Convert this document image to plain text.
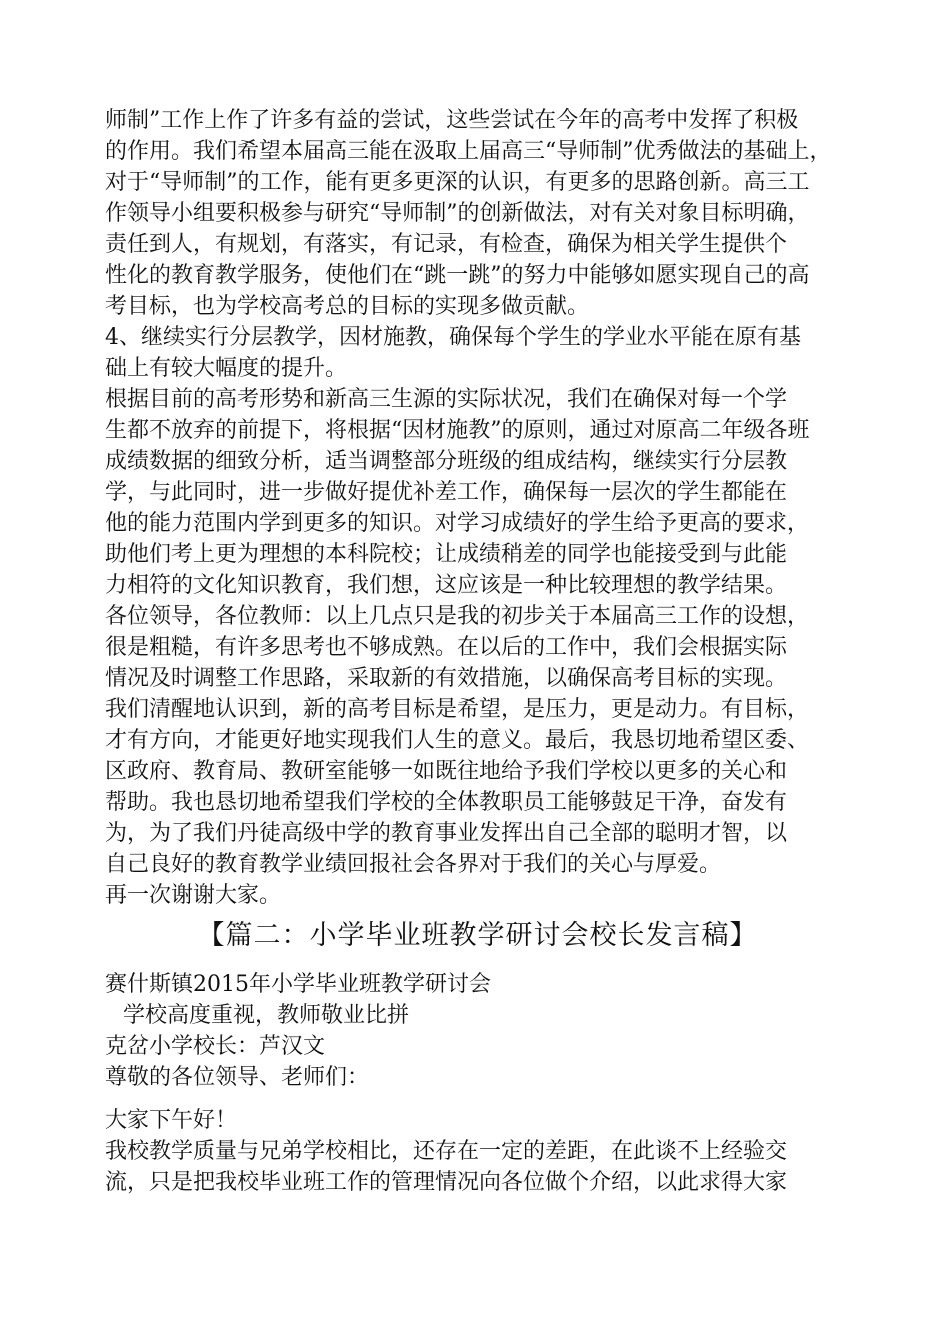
师制”工作上作了许多有益的尝试，这些尝试在今年的高考中发挥了积极
的作用。我们希望本届高三能在汲取上届高三“导师制”优秀做法的基础上，
对于“导师制”的工作，能有更多更深的认识，有更多的思路创新。高三工
作领导小组要积极参与研究“导师制”的创新做法，对有关对象目标明确，
责任到人，有规划，有落实，有记录，有检查，确保为相关学生提供个
性化的教育教学服务，使他们在“跳一跳”的努力中能够如愿实现自己的高
考目标，也为学校高考总的目标的实现多做贡献。
4、继续实行分层教学，因材施教，确保每个学生的学业水平能在原有基
础上有较大幅度的提升。
根据目前的高考形势和新高三生源的实际状况，我们在确保对每一个学
生都不放弃的前提下，将根据“因材施教”的原则，通过对原高二年级各班
成绩数据的细致分析，适当调整部分班级的组成结构，继续实行分层教
学，与此同时，进一步做好提优补差工作，确保每一层次的学生都能在
他的能力范围内学到更多的知识。对学习成绩好的学生给予更高的要求，
助他们考上更为理想的本科院校；让成绩稍差的同学也能接受到与此能
力相符的文化知识教育，我们想，这应该是一种比较理想的教学结果。
各位领导，各位教师：以上几点只是我的初步关于本届高三工作的设想，
很是粗糙，有许多思考也不够成熟。在以后的工作中，我们会根据实际
情况及时调整工作思路，采取新的有效措施，以确保高考目标的实现。
我们清醒地认识到，新的高考目标是希望，是压力，更是动力。有目标，
才有方向，才能更好地实现我们人生的意义。最后，我恳切地希望区委、
区政府、教育局、教研室能够一如既往地给予我们学校以更多的关心和
帮助。我也恳切地希望我们学校的全体教职员工能够鼓足干净，奋发有
为，为了我们丹徒高级中学的教育事业发挥出自己全部的聪明才智，以
自己良好的教育教学业绩回报社会各界对于我们的关心与厚爱。
再一次谢谢大家。
【篇二：小学毕业班教学研讨会校长发言稿】
赛什斯镇2015年小学毕业班教学研讨会
学校高度重视，教师敬业比拼
克岔小学校长：芦汉文
尊敬的各位领导、老师们：
大家下午好！
我校教学质量与兄弟学校相比，还存在一定的差距，在此谈不上经验交
流，只是把我校毕业班工作的管理情况向各位做个介绍，以此求得大家
